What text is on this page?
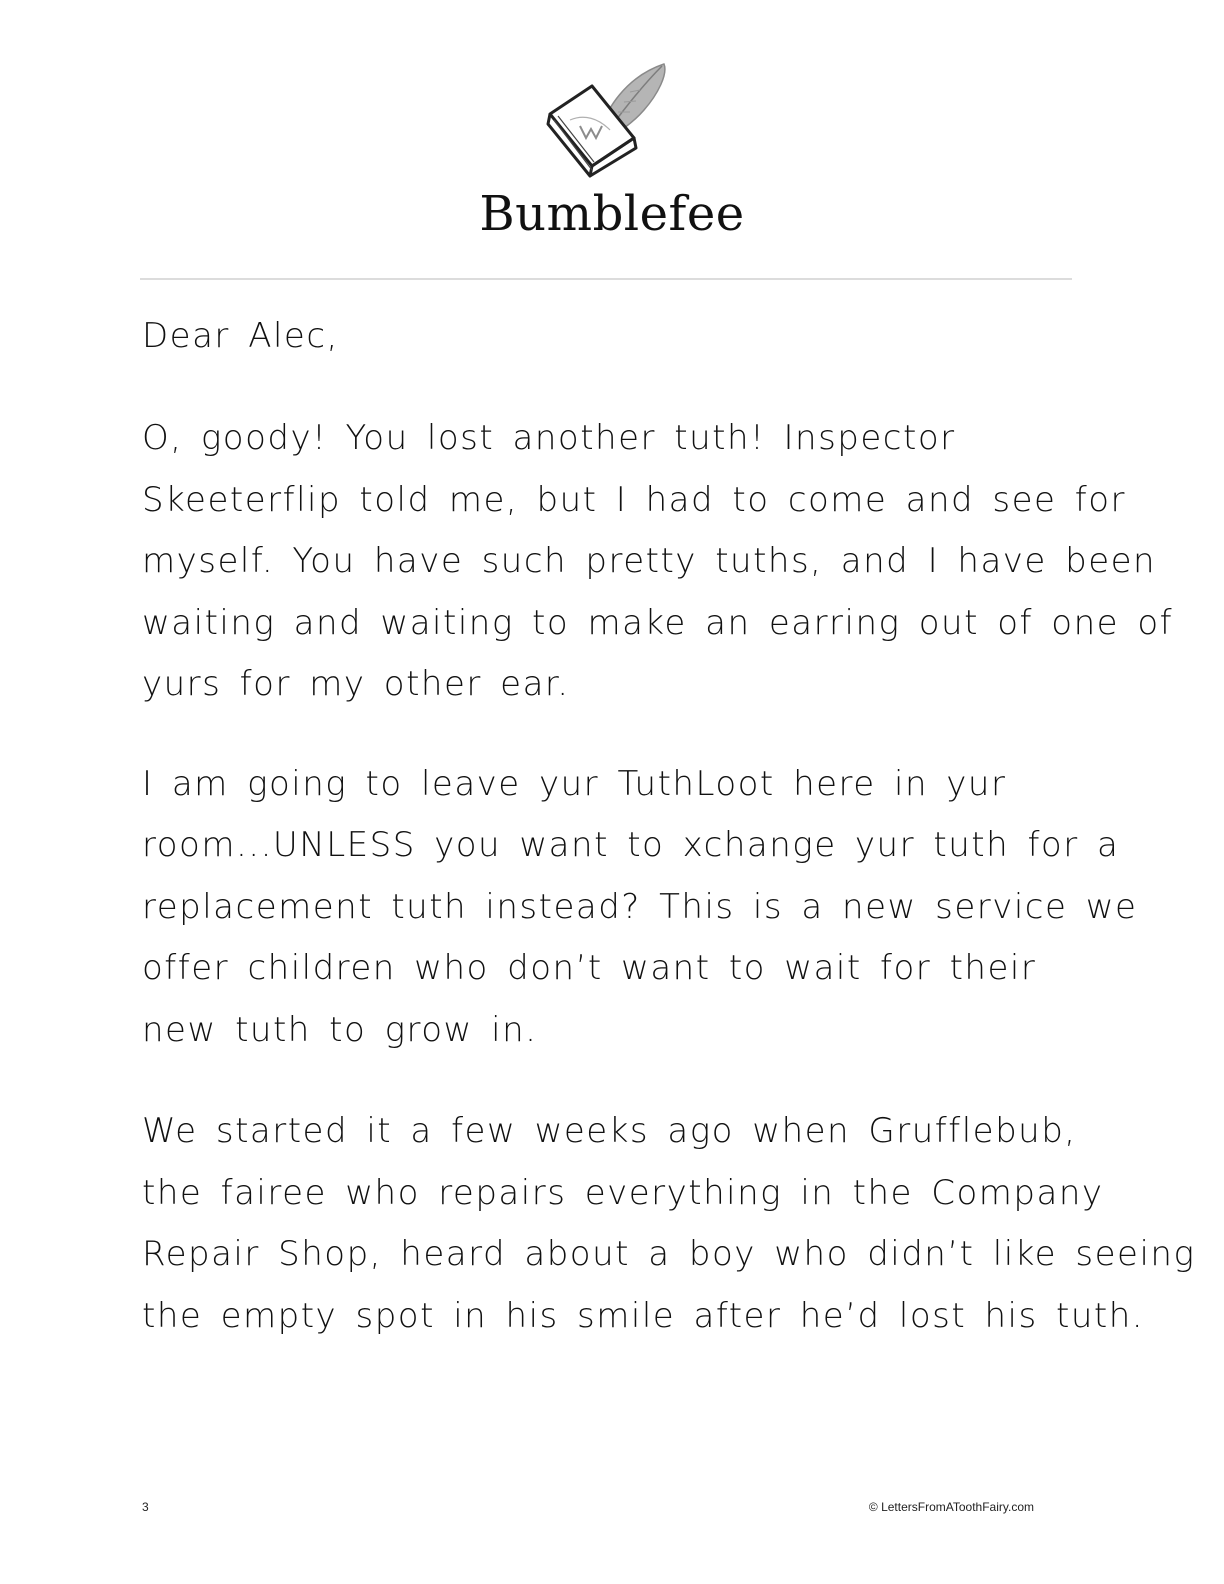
Bumblefee

Dear Alec,

O, goody! You lost another tuth! Inspector
Skeeterflip told me, but I had to come and see for
myself. You have such pretty tuths, and I have been
waiting and waiting to make an earring out of one of
yurs for my other ear.
I am going to leave yur TuthLoot here in yur
room...UNLESS you want to xchange yur tuth for a
replacement tuth instead? This is a new service we
offer children who don’t want to wait for their
new tuth to grow in.
We started it a few weeks ago when Grufflebub,
the fairee who repairs everything in the Company
Repair Shop, heard about a boy who didn’t like seeing
the empty spot in his smile after he’d lost his tuth.
3	© LettersFromAToothFairy.com
